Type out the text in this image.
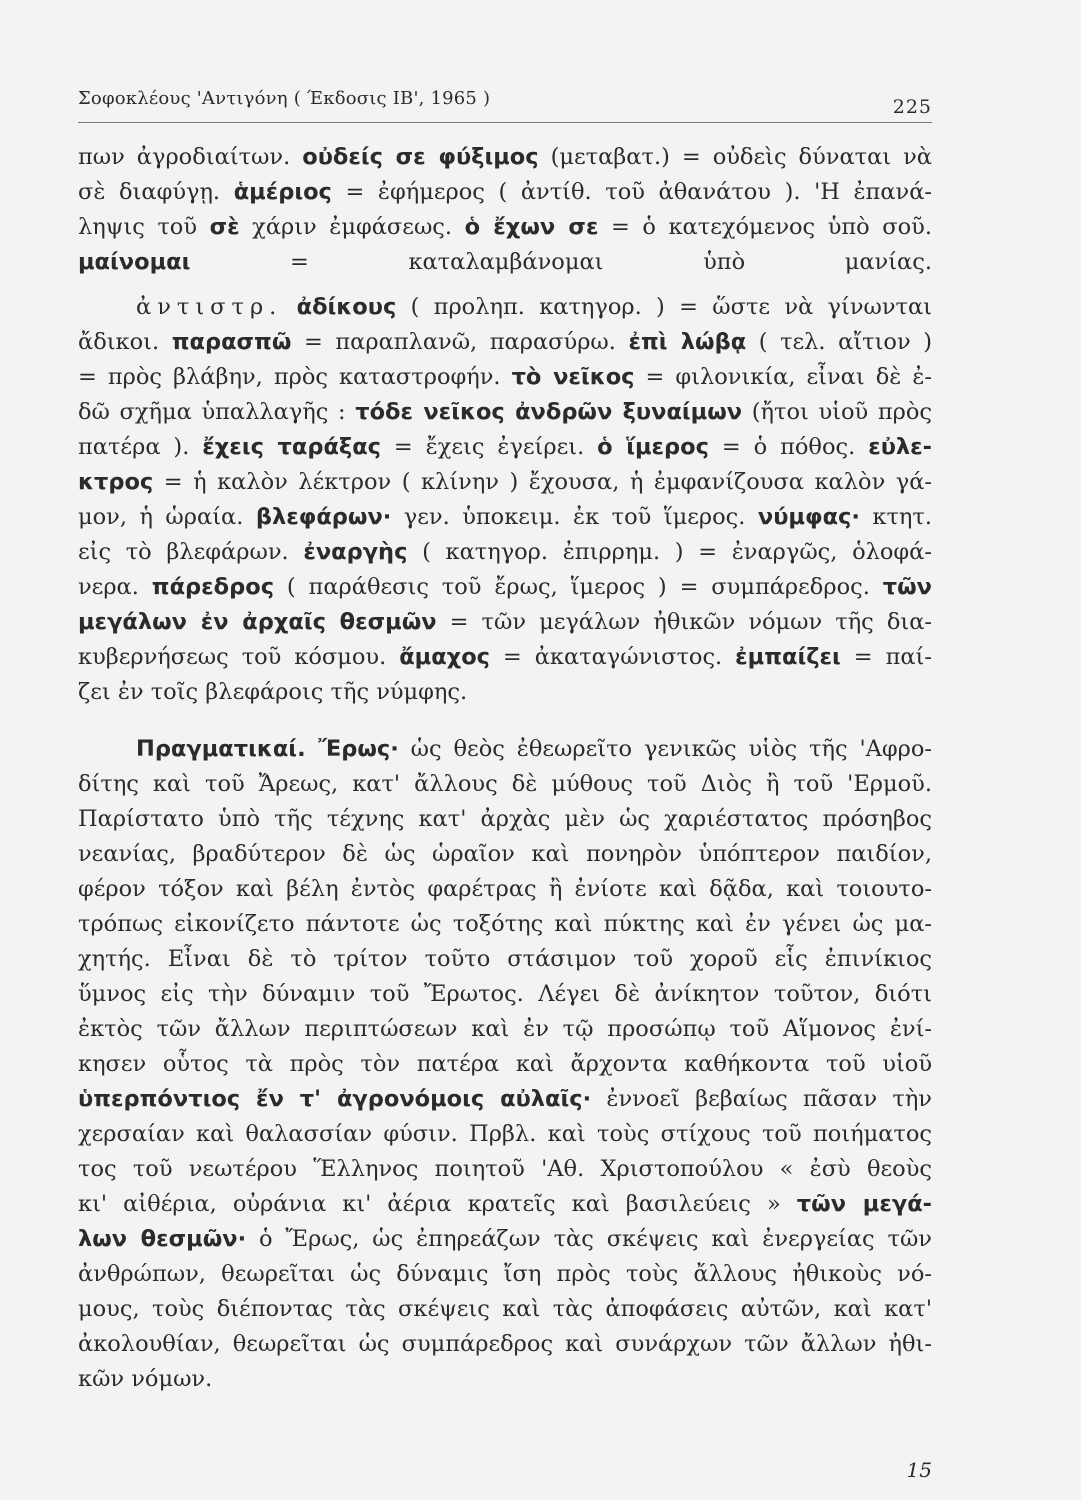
Σοφοκλέους 'Αντιγόνη ( Έκδοσις ΙΒ', 1965 )	225
πων ἀγροδιαίτων. οὐδείς σε φύξιμος (μεταβατ.) = οὐδεὶς δύναται νὰ
σὲ διαφύγῃ. ἁμέριος = ἐφήμερος ( ἀντίθ. τοῦ ἀθανάτου ). 'Η ἐπανά-
ληψις τοῦ σὲ χάριν ἐμφάσεως. ὁ ἔχων σε = ὁ κατεχόμενος ὑπὸ σοῦ.
μαίνομαι = καταλαμβάνομαι ὑπὸ μανίας.
ἀντιστρ. ἀδίκους ( προληπ. κατηγορ. ) = ὥστε νὰ γίνωνται
ἄδικοι. παρασπῶ = παραπλανῶ, παρασύρω. ἐπὶ λώβᾳ ( τελ. αἴτιον )
= πρὸς βλάβην, πρὸς καταστροφήν. τὸ νεῖκος = φιλονικία, εἶναι δὲ ἐ-
δῶ σχῆμα ὑπαλλαγῆς : τόδε νεῖκος ἀνδρῶν ξυναίμων (ἤτοι υἱοῦ πρὸς
πατέρα ). ἔχεις ταράξας = ἔχεις ἐγείρει. ὁ ἵμερος = ὁ πόθος. εὐλε-
κτρος = ἡ καλὸν λέκτρον ( κλίνην ) ἔχουσα, ἡ ἐμφανίζουσα καλὸν γά-
μον, ἡ ὡραία. βλεφάρων· γεν. ὑποκειμ. ἐκ τοῦ ἵμερος. νύμφας· κτητ.
εἰς τὸ βλεφάρων. ἐναργὴς ( κατηγορ. ἐπιρρημ. ) = ἐναργῶς, ὁλοφά-
νερα. πάρεδρος ( παράθεσις τοῦ ἔρως, ἵμερος ) = συμπάρεδρος. τῶν
μεγάλων ἐν ἀρχαῖς θεσμῶν = τῶν μεγάλων ἠθικῶν νόμων τῆς δια-
κυβερνήσεως τοῦ κόσμου. ἄμαχος = ἀκαταγώνιστος. ἐμπαίζει = παί-
ζει ἐν τοῖς βλεφάροις τῆς νύμφης.
Πραγματικαί. Ἔρως· ὡς θεὸς ἐθεωρεῖτο γενικῶς υἱὸς τῆς 'Αφρο-
δίτης καὶ τοῦ Ἄρεως, κατ' ἄλλους δὲ μύθους τοῦ Διὸς ἢ τοῦ 'Ερμοῦ.
Παρίστατο ὑπὸ τῆς τέχνης κατ' ἀρχὰς μὲν ὡς χαριέστατος πρόσηβος
νεανίας, βραδύτερον δὲ ὡς ὡραῖον καὶ πονηρὸν ὑπόπτερον παιδίον,
φέρον τόξον καὶ βέλη ἐντὸς φαρέτρας ἢ ἐνίοτε καὶ δᾷδα, καὶ τοιουτο-
τρόπως εἰκονίζετο πάντοτε ὡς τοξότης καὶ πύκτης καὶ ἐν γένει ὡς μα-
χητής. Εἶναι δὲ τὸ τρίτον τοῦτο στάσιμον τοῦ χοροῦ εἷς ἐπινίκιος
ὕμνος εἰς τὴν δύναμιν τοῦ Ἔρωτος. Λέγει δὲ ἀνίκητον τοῦτον, διότι
ἐκτὸς τῶν ἄλλων περιπτώσεων καὶ ἐν τῷ προσώπῳ τοῦ Αἵμονος ἐνί-
κησεν οὗτος τὰ πρὸς τὸν πατέρα καὶ ἄρχοντα καθήκοντα τοῦ υἱοῦ
ὑπερπόντιος ἔν τ' ἀγρονόμοις αὐλαῖς· ἐννοεῖ βεβαίως πᾶσαν τὴν
χερσαίαν καὶ θαλασσίαν φύσιν. Πρβλ. καὶ τοὺς στίχους τοῦ ποιήματος
τος τοῦ νεωτέρου Ἕλληνος ποιητοῦ 'Αθ. Χριστοπούλου « ἐσὺ θεοὺς
κι' αἰθέρια, οὐράνια κι' ἀέρια κρατεῖς καὶ βασιλεύεις » τῶν μεγά-
λων θεσμῶν· ὁ Ἔρως, ὡς ἐπηρεάζων τὰς σκέψεις καὶ ἐνεργείας τῶν
ἀνθρώπων, θεωρεῖται ὡς δύναμις ἴση πρὸς τοὺς ἄλλους ἠθικοὺς νό-
μους, τοὺς διέποντας τὰς σκέψεις καὶ τὰς ἀποφάσεις αὐτῶν, καὶ κατ'
ἀκολουθίαν, θεωρεῖται ὡς συμπάρεδρος καὶ συνάρχων τῶν ἄλλων ἠθι-
κῶν νόμων.
15
